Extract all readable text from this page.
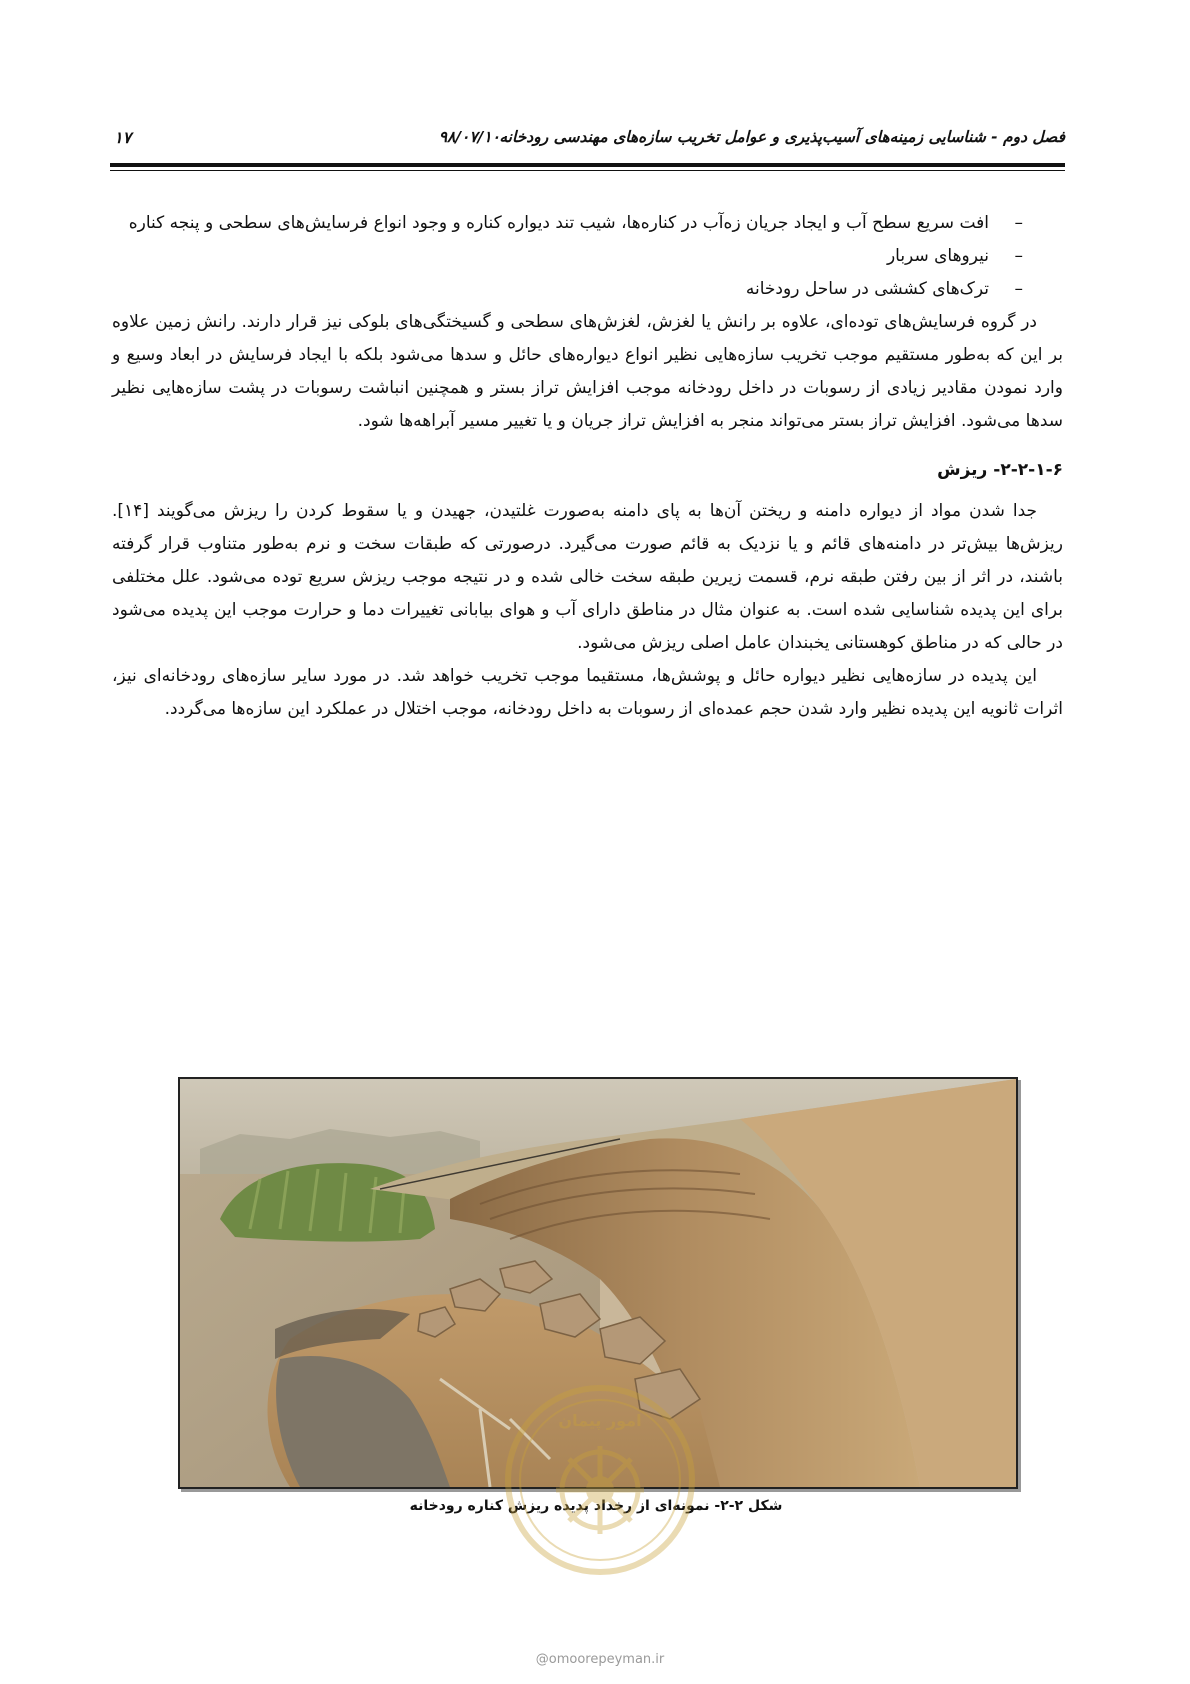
فصل دوم - شناسایی زمینه‌های آسیب‌پذیری و عوامل تخریب سازه‌های مهندسی رودخانه
۹۸/۰۷/۱۰
۱۷
–
افت سریع سطح آب و ایجاد جریان زه‌آب در کناره‌ها، شیب تند دیواره کناره و وجود انواع فرسایش‌های سطحی و پنجه کناره
–
نیروهای سربار
–
ترک‌های کششی در ساحل رودخانه

در گروه فرسایش‌های توده‌ای، علاوه بر رانش یا لغزش، لغزش‌های سطحی و گسیختگی‌های بلوکی نیز قرار دارند. رانش زمین علاوه بر این که به‌طور مستقیم موجب تخریب سازه‌هایی نظیر انواع دیواره‌های حائل و سدها می‌شود بلکه با ایجاد فرسایش در ابعاد وسیع و وارد نمودن مقادیر زیادی از رسوبات در داخل رودخانه موجب افزایش تراز بستر و همچنین انباشت رسوبات در پشت سازه‌هایی نظیر سدها می‌شود. افزایش تراز بستر می‌تواند منجر به افزایش تراز جریان و یا تغییر مسیر آبراهه‌ها شود.

۲-۲-۱-۶- ریزش

جدا شدن مواد از دیواره دامنه و ریختن آن‌ها به پای دامنه به‌صورت غلتیدن، جهیدن و یا سقوط کردن را ریزش می‌گویند [۱۴]. ریزش‌ها بیش‌تر در دامنه‌های قائم و یا نزدیک به قائم صورت می‌گیرد. درصورتی که طبقات سخت و نرم به‌طور متناوب قرار گرفته باشند، در اثر از بین رفتن طبقه نرم، قسمت زیرین طبقه سخت خالی شده و در نتیجه موجب ریزش سریع توده می‌شود. علل مختلفی برای این پدیده شناسایی شده است. به عنوان مثال در مناطق دارای آب و هوای بیابانی تغییرات دما و حرارت موجب این پدیده می‌شود در حالی که در مناطق کوهستانی یخبندان عامل اصلی ریزش می‌شود.

این پدیده در سازه‌هایی نظیر دیواره حائل و پوشش‌ها، مستقیما موجب تخریب خواهد شد. در مورد سایر سازه‌های رودخانه‌ای نیز، اثرات ثانویه این پدیده نظیر وارد شدن حجم عمده‌ای از رسوبات به داخل رودخانه، موجب اختلال در عملکرد این سازه‌ها می‌گردد.

شکل ۲-۲- نمونه‌ای از رخداد پدیده ریزش کناره رودخانه
امور پیمان
@omoorepeyman.ir
